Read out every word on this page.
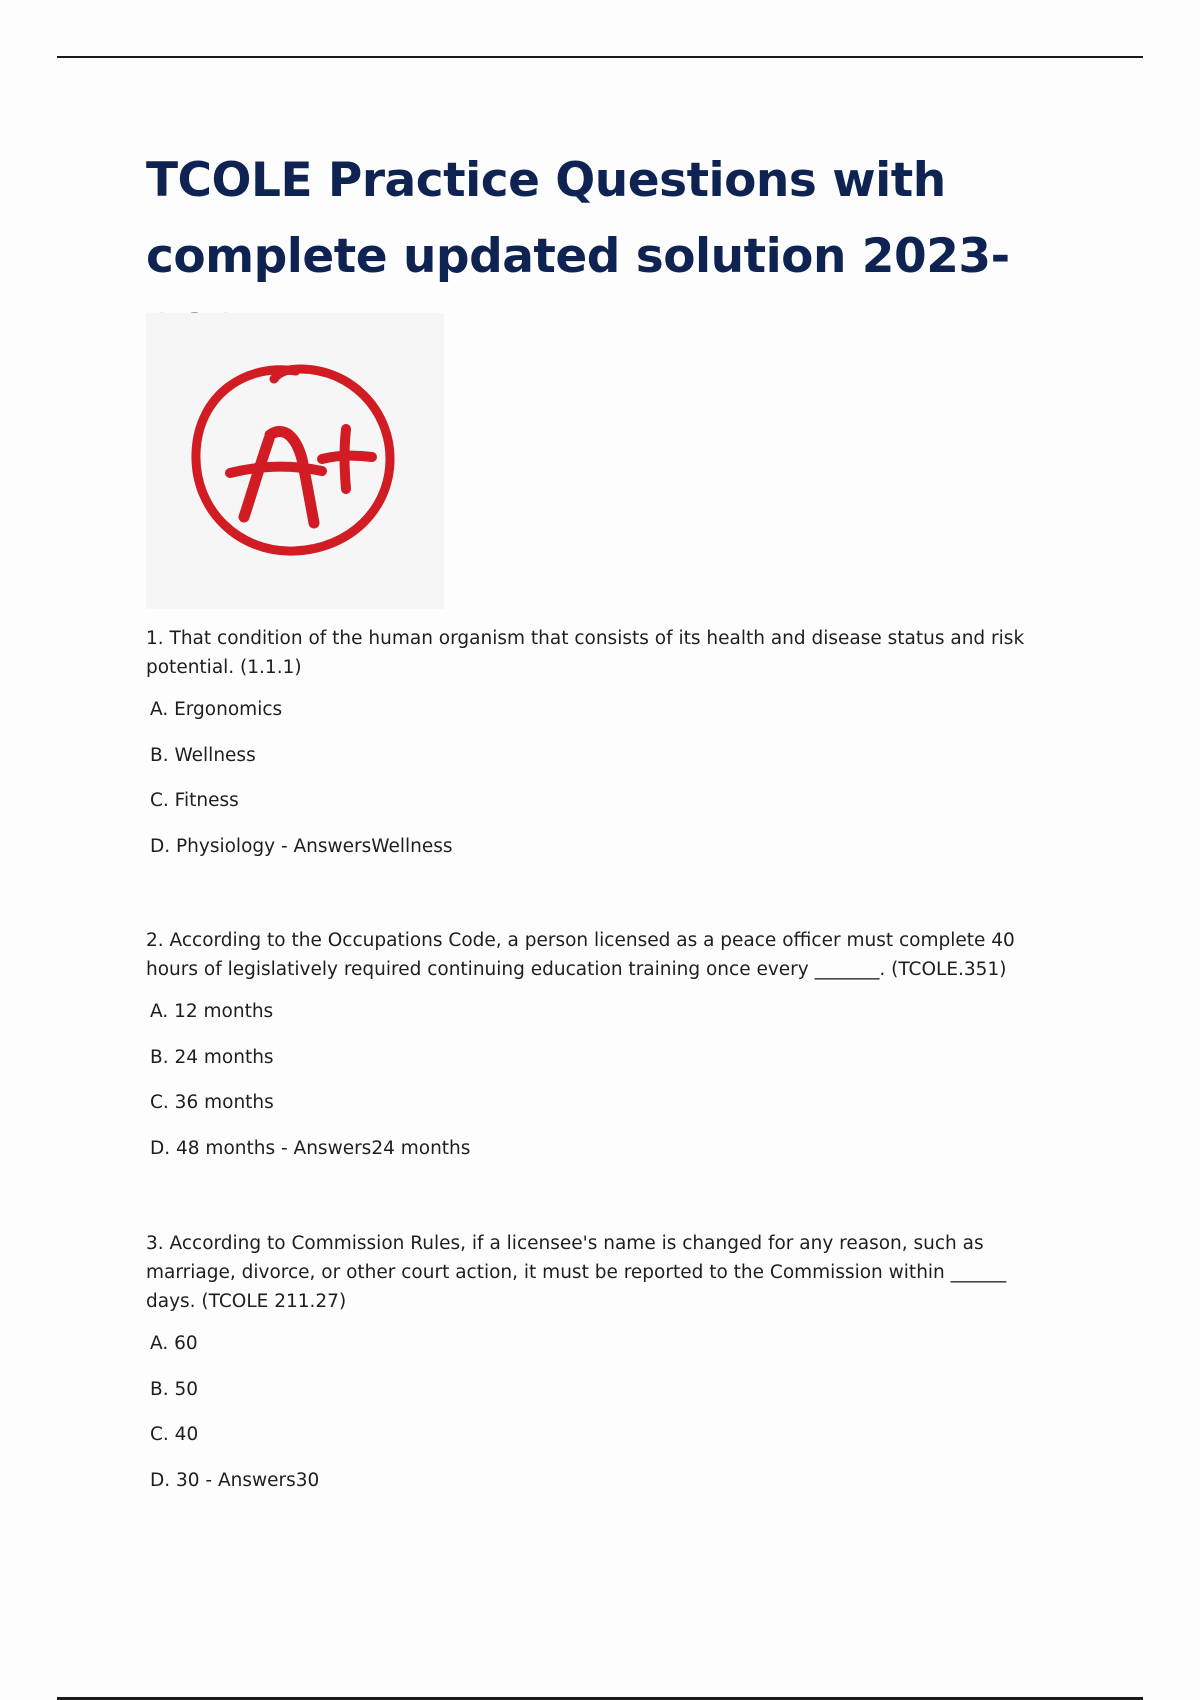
TCOLE Practice Questions with complete updated solution 2023-

1. That condition of the human organism that consists of its health and disease status and risk potential. (1.1.1)

A. Ergonomics
B. Wellness
C. Fitness
D. Physiology - AnswersWellness

2. According to the Occupations Code, a person licensed as a peace officer must complete 40 hours of legislatively required continuing education training once every _______. (TCOLE.351)

A. 12 months
B. 24 months
C. 36 months
D. 48 months - Answers24 months

3. According to Commission Rules, if a licensee's name is changed for any reason, such as marriage, divorce, or other court action, it must be reported to the Commission within ______ days. (TCOLE 211.27)

A. 60
B. 50
C. 40
D. 30 - Answers30
